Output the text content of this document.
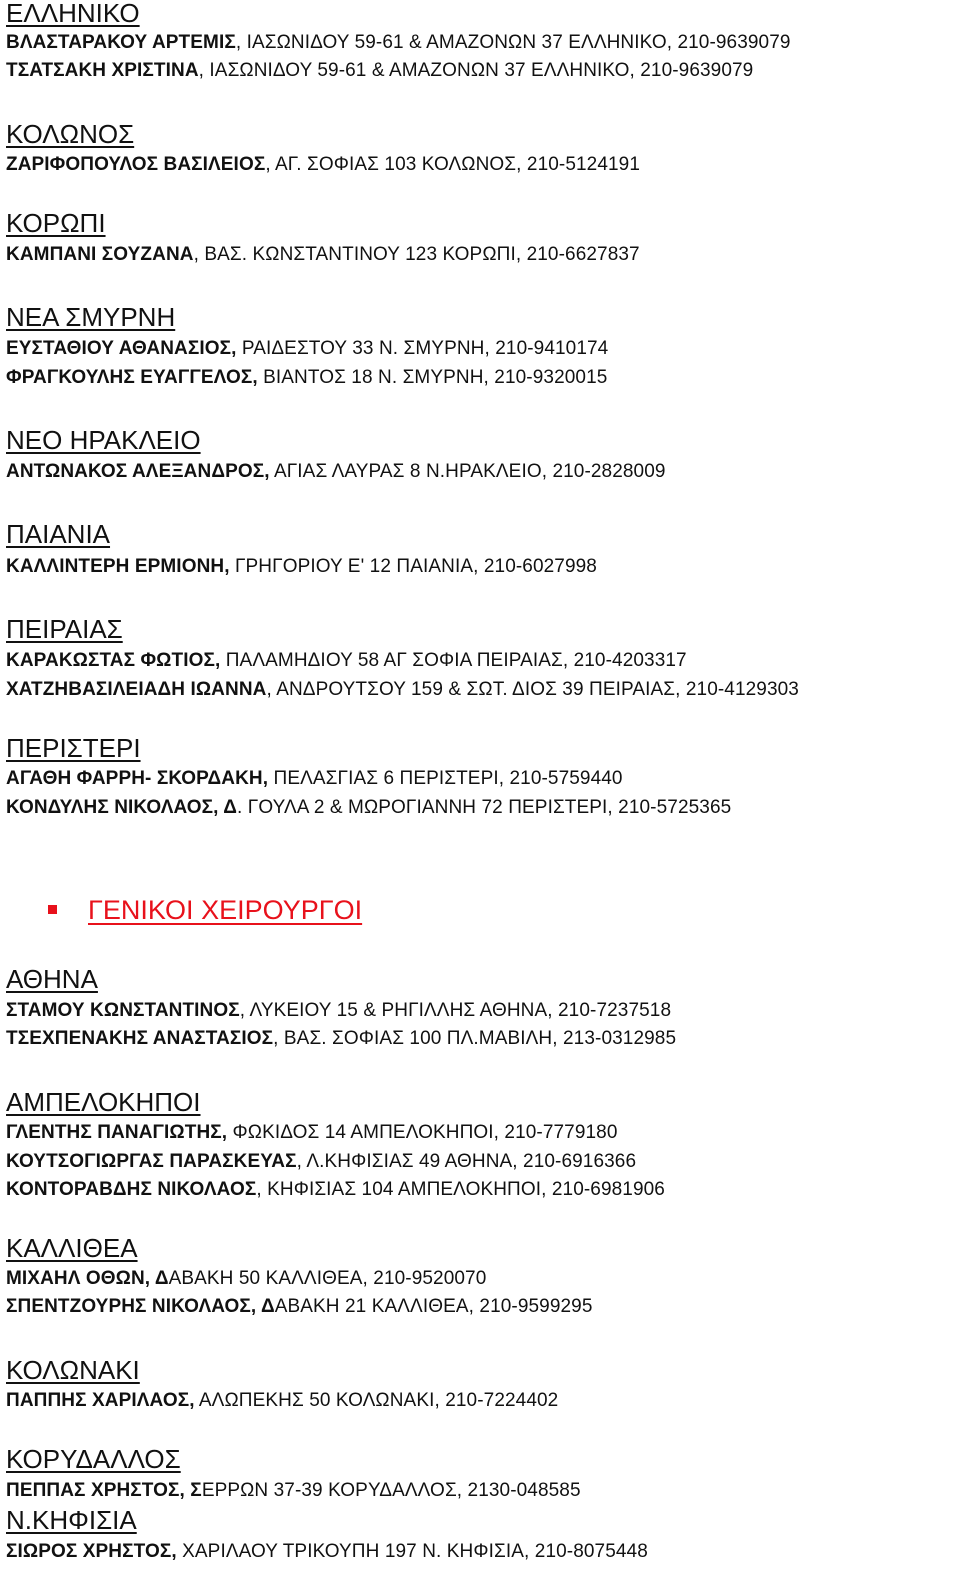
ΕΛΛΗΝΙΚΟ
ΒΛΑΣΤΑΡΑΚΟΥ ΑΡΤΕΜΙΣ, ΙΑΣΩΝΙΔΟΥ 59-61 & ΑΜΑΖΟΝΩΝ 37 ΕΛΛΗΝΙΚΟ, 210-9639079
ΤΣΑΤΣΑΚΗ ΧΡΙΣΤΙΝΑ, ΙΑΣΩΝΙΔΟΥ 59-61 & ΑΜΑΖΟΝΩΝ 37 ΕΛΛΗΝΙΚΟ, 210-9639079
ΚΟΛΩΝΟΣ
ΖΑΡΙΦΟΠΟΥΛΟΣ ΒΑΣΙΛΕΙΟΣ, ΑΓ. ΣΟΦΙΑΣ 103 ΚΟΛΩΝΟΣ, 210-5124191
ΚΟΡΩΠΙ
ΚΑΜΠΑΝΙ ΣΟΥΖΑΝΑ, ΒΑΣ. ΚΩΝΣΤΑΝΤΙΝΟΥ 123 ΚΟΡΩΠΙ, 210-6627837
ΝΕΑ ΣΜΥΡΝΗ
ΕΥΣΤΑΘΙΟΥ ΑΘΑΝΑΣΙΟΣ, ΡΑΙΔΕΣΤΟΥ 33 Ν. ΣΜΥΡΝΗ, 210-9410174
ΦΡΑΓΚΟΥΛΗΣ ΕΥΑΓΓΕΛΟΣ, ΒΙΑΝΤΟΣ 18 Ν. ΣΜΥΡΝΗ, 210-9320015
ΝΕΟ ΗΡΑΚΛΕΙΟ
ΑΝΤΩΝΑΚΟΣ ΑΛΕΞΑΝΔΡΟΣ, ΑΓΙΑΣ ΛΑΥΡΑΣ 8 Ν.ΗΡΑΚΛΕΙΟ, 210-2828009
ΠΑΙΑΝΙΑ
ΚΑΛΛΙΝΤΕΡΗ ΕΡΜΙΟΝΗ, ΓΡΗΓΟΡΙΟΥ Ε' 12 ΠΑΙΑΝΙΑ, 210-6027998
ΠΕΙΡΑΙΑΣ
ΚΑΡΑΚΩΣΤΑΣ ΦΩΤΙΟΣ, ΠΑΛΑΜΗΔΙΟΥ 58 ΑΓ ΣΟΦΙΑ ΠΕΙΡΑΙΑΣ, 210-4203317
ΧΑΤΖΗΒΑΣΙΛΕΙΑΔΗ ΙΩΑΝΝΑ, ΑΝΔΡΟΥΤΣΟΥ 159 & ΣΩΤ. ΔΙΟΣ 39 ΠΕΙΡΑΙΑΣ, 210-4129303
ΠΕΡΙΣΤΕΡΙ
ΑΓΑΘΗ ΦΑΡΡΗ- ΣΚΟΡΔΑΚΗ, ΠΕΛΑΣΓΙΑΣ 6 ΠΕΡΙΣΤΕΡΙ, 210-5759440
ΚΟΝΔΥΛΗΣ ΝΙΚΟΛΑΟΣ, Δ. ΓΟΥΛΑ 2 & ΜΩΡΟΓΙΑΝΝΗ 72 ΠΕΡΙΣΤΕΡΙ, 210-5725365
ΓΕΝΙΚΟΙ ΧΕΙΡΟΥΡΓΟΙ
ΑΘΗΝΑ
ΣΤΑΜΟΥ ΚΩΝΣΤΑΝΤΙΝΟΣ, ΛΥΚΕΙΟΥ 15 & ΡΗΓΙΛΛΗΣ ΑΘΗΝΑ, 210-7237518
ΤΣΕΧΠΕΝΑΚΗΣ ΑΝΑΣΤΑΣΙΟΣ, ΒΑΣ. ΣΟΦΙΑΣ 100 ΠΛ.ΜΑΒΙΛΗ, 213-0312985
ΑΜΠΕΛΟΚΗΠΟΙ
ΓΛΕΝΤΗΣ ΠΑΝΑΓΙΩΤΗΣ, ΦΩΚΙΔΟΣ 14 ΑΜΠΕΛΟΚΗΠΟΙ, 210-7779180
ΚΟΥΤΣΟΓΙΩΡΓΑΣ ΠΑΡΑΣΚΕΥΑΣ, Λ.ΚΗΦΙΣΙΑΣ 49 ΑΘΗΝΑ, 210-6916366
ΚΟΝΤΟΡΑΒΔΗΣ ΝΙΚΟΛΑΟΣ, ΚΗΦΙΣΙΑΣ 104 ΑΜΠΕΛΟΚΗΠΟΙ, 210-6981906
ΚΑΛΛΙΘΕΑ
ΜΙΧΑΗΛ ΟΘΩΝ, ΔΑΒΑΚΗ 50 ΚΑΛΛΙΘΕΑ, 210-9520070
ΣΠΕΝΤΖΟΥΡΗΣ ΝΙΚΟΛΑΟΣ, ΔΑΒΑΚΗ 21 ΚΑΛΛΙΘΕΑ, 210-9599295
ΚΟΛΩΝΑΚΙ
ΠΑΠΠΗΣ ΧΑΡΙΛΑΟΣ, ΑΛΩΠΕΚΗΣ 50 ΚΟΛΩΝΑΚΙ, 210-7224402
ΚΟΡΥΔΑΛΛΟΣ
ΠΕΠΠΑΣ ΧΡΗΣΤΟΣ, ΣΕΡΡΩΝ 37-39 ΚΟΡΥΔΑΛΛΟΣ, 2130-048585
Ν.ΚΗΦΙΣΙΑ
ΣΙΩΡΟΣ ΧΡΗΣΤΟΣ, ΧΑΡΙΛΑΟΥ ΤΡΙΚΟΥΠΗ 197 Ν. ΚΗΦΙΣΙΑ, 210-8075448
